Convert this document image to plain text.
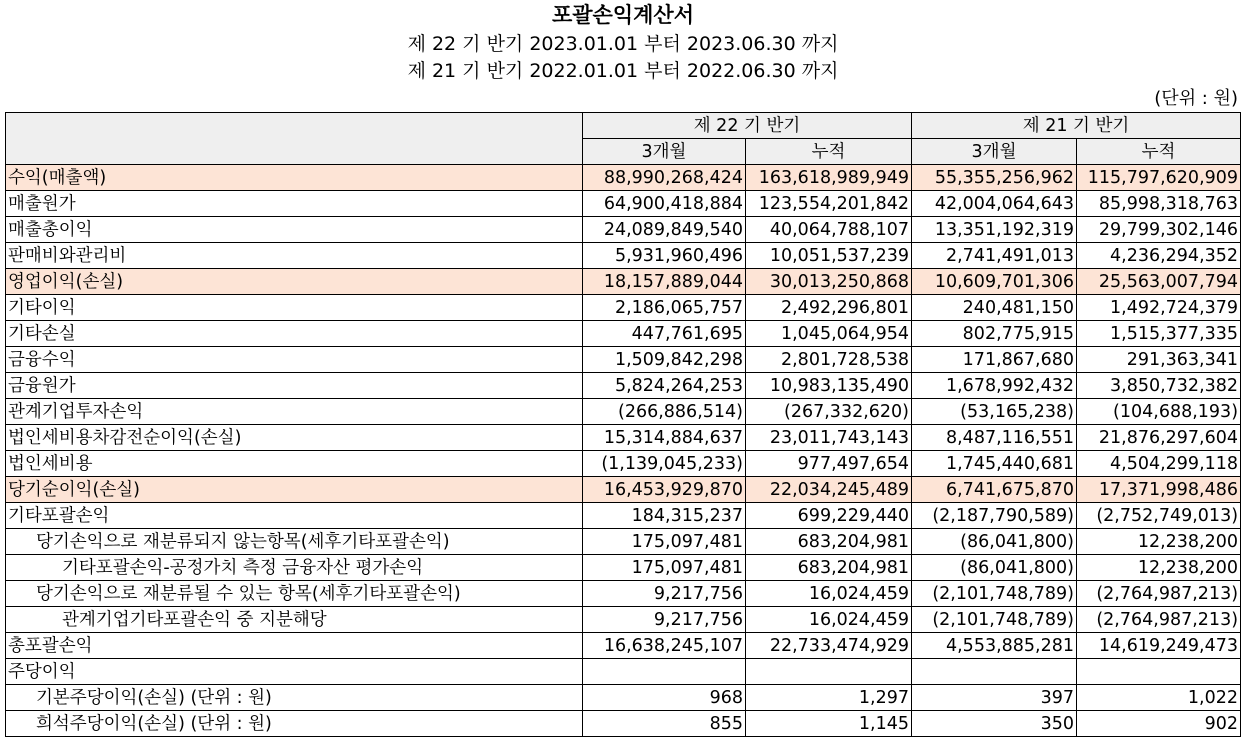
포괄손익계산서
제 22 기 반기 2023.01.01 부터 2023.06.30 까지
제 21 기 반기 2022.01.01 부터 2022.06.30 까지
(단위 : 원)
	제 22 기 반기		제 21 기 반기	
	3개월	누적	3개월	누적
수익(매출액)	88,990,268,424	163,618,989,949	55,355,256,962	115,797,620,909
매출원가	64,900,418,884	123,554,201,842	42,004,064,643	85,998,318,763
매출총이익	24,089,849,540	40,064,788,107	13,351,192,319	29,799,302,146
판매비와관리비	5,931,960,496	10,051,537,239	2,741,491,013	4,236,294,352
영업이익(손실)	18,157,889,044	30,013,250,868	10,609,701,306	25,563,007,794
기타이익	2,186,065,757	2,492,296,801	240,481,150	1,492,724,379
기타손실	447,761,695	1,045,064,954	802,775,915	1,515,377,335
금융수익	1,509,842,298	2,801,728,538	171,867,680	291,363,341
금융원가	5,824,264,253	10,983,135,490	1,678,992,432	3,850,732,382
관계기업투자손익	(266,886,514)	(267,332,620)	(53,165,238)	(104,688,193)
법인세비용차감전순이익(손실)	15,314,884,637	23,011,743,143	8,487,116,551	21,876,297,604
법인세비용	(1,139,045,233)	977,497,654	1,745,440,681	4,504,299,118
당기순이익(손실)	16,453,929,870	22,034,245,489	6,741,675,870	17,371,998,486
기타포괄손익	184,315,237	699,229,440	(2,187,790,589)	(2,752,749,013)
당기손익으로 재분류되지 않는항목(세후기타포괄손익)	175,097,481	683,204,981	(86,041,800)	12,238,200
기타포괄손익-공정가치 측정 금융자산 평가손익	175,097,481	683,204,981	(86,041,800)	12,238,200
당기손익으로 재분류될 수 있는 항목(세후기타포괄손익)	9,217,756	16,024,459	(2,101,748,789)	(2,764,987,213)
관계기업기타포괄손익 중 지분해당	9,217,756	16,024,459	(2,101,748,789)	(2,764,987,213)
총포괄손익	16,638,245,107	22,733,474,929	4,553,885,281	14,619,249,473
주당이익				
기본주당이익(손실) (단위 : 원)	968	1,297	397	1,022
희석주당이익(손실) (단위 : 원)	855	1,145	350	902
